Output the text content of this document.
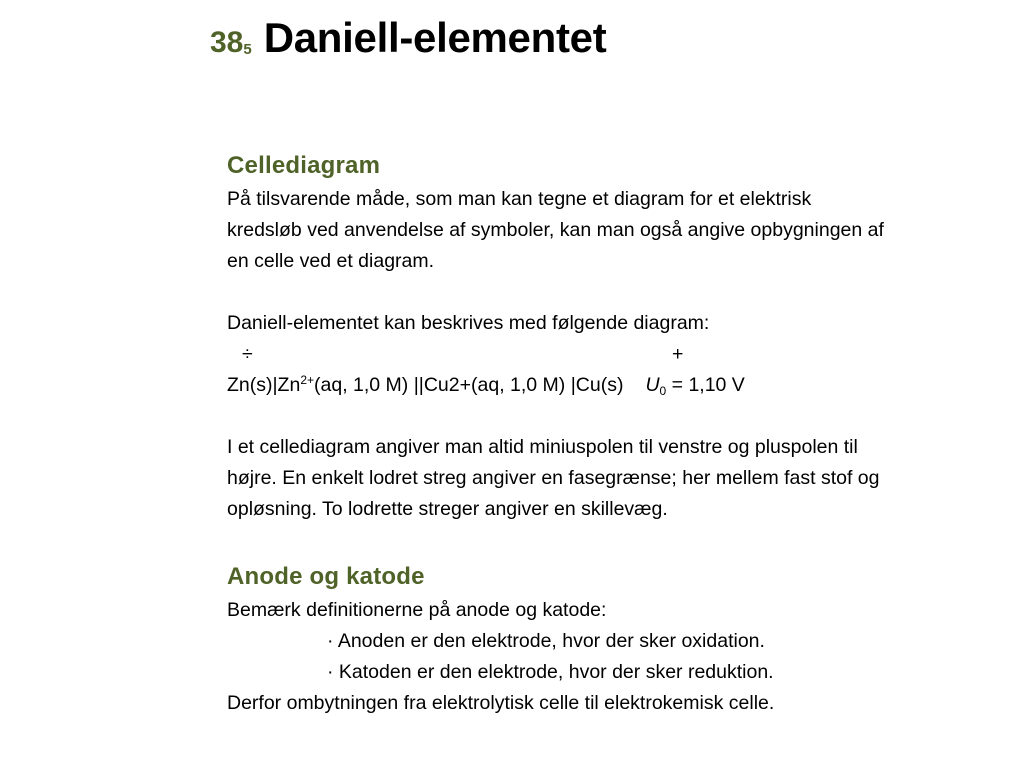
385 Daniell-elementet
Cellediagram
På tilsvarende måde, som man kan tegne et diagram for et elektrisk
kredsløb ved anvendelse af symboler, kan man også angive opbygningen af
en celle ved et diagram.
Daniell-elementet kan beskrives med følgende diagram:
÷	+
$Zn(s)|Zn^{2+}(aq$, 1,0 M) ||Cu2+(aq, 1,0 M) |Cu(s) $U_0 = 1,10$ V
I et cellediagram angiver man altid miniuspolen til venstre og pluspolen til
højre. En enkelt lodret streg angiver en fasegrænse; her mellem fast stof og
opløsning. To lodrette streger angiver en skillevæg.
Anode og katode
Bemærk definitionerne på anode og katode:
· Anoden er den elektrode, hvor der sker oxidation.
· Katoden er den elektrode, hvor der sker reduktion.
Derfor ombytningen fra elektrolytisk celle til elektrokemisk celle.
